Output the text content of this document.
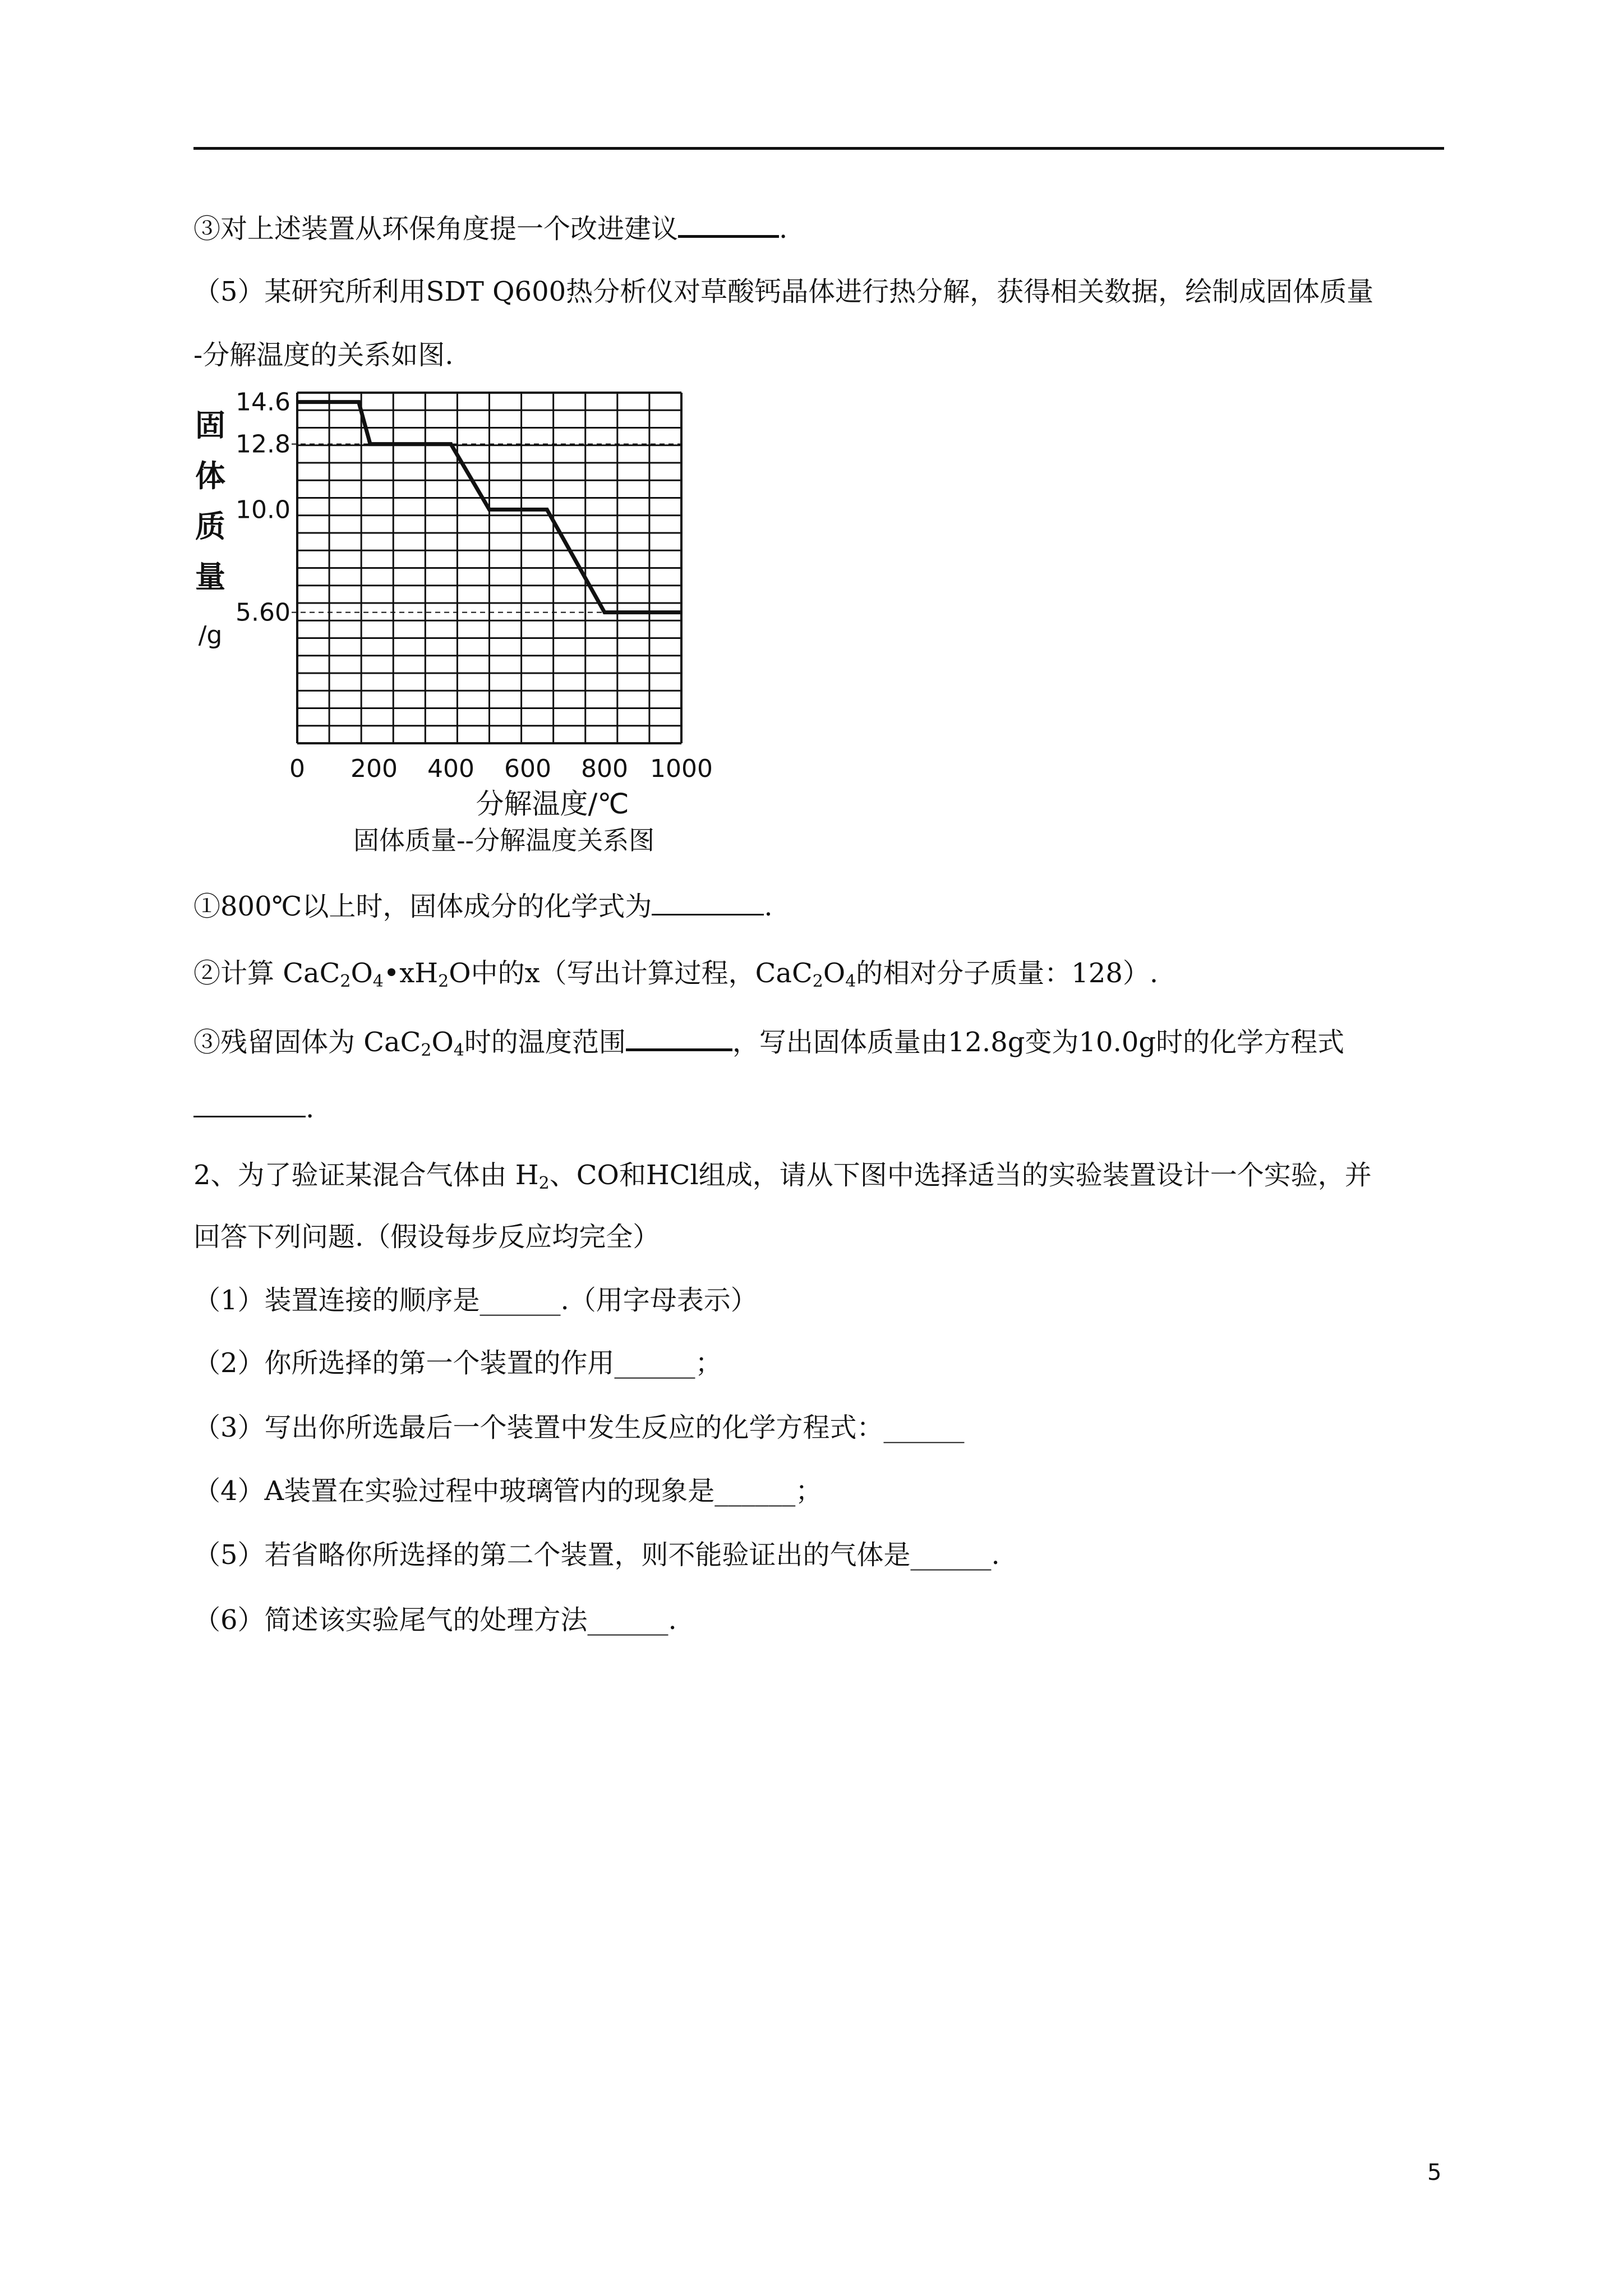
③对上述装置从环保角度提一个改进建议	.
（5）某研究所利用SDT Q600热分析仪对草酸钙晶体进行热分解，获得相关数据，绘制成固体质量
-分解温度的关系如图.
0 200 400 600 800 1000
14.6
12.8
10.0
5.60
固
体
质
量
/g
分解温度/℃
固体质量--分解温度关系图
①800℃以上时，固体成分的化学式为	.
②计算 $CaC_2O_4•xH_2O$中的x（写出计算过程，$CaC_2O_4$的相对分子质量：128）.
③残留固体为 $CaC_2O_4$时的温度范围	，写出固体质量由12.8g变为10.0g时的化学方程式
.
2、为了验证某混合气体由 $H_2$、CO和HCl组成，请从下图中选择适当的实验装置设计一个实验，并
回答下列问题.（假设每步反应均完全）
（1）装置连接的顺序是______.（用字母表示）
（2）你所选择的第一个装置的作用______；
（3）写出你所选最后一个装置中发生反应的化学方程式：______
（4）A装置在实验过程中玻璃管内的现象是______；
（5）若省略你所选择的第二个装置，则不能验证出的气体是______.
（6）简述该实验尾气的处理方法______.
5
